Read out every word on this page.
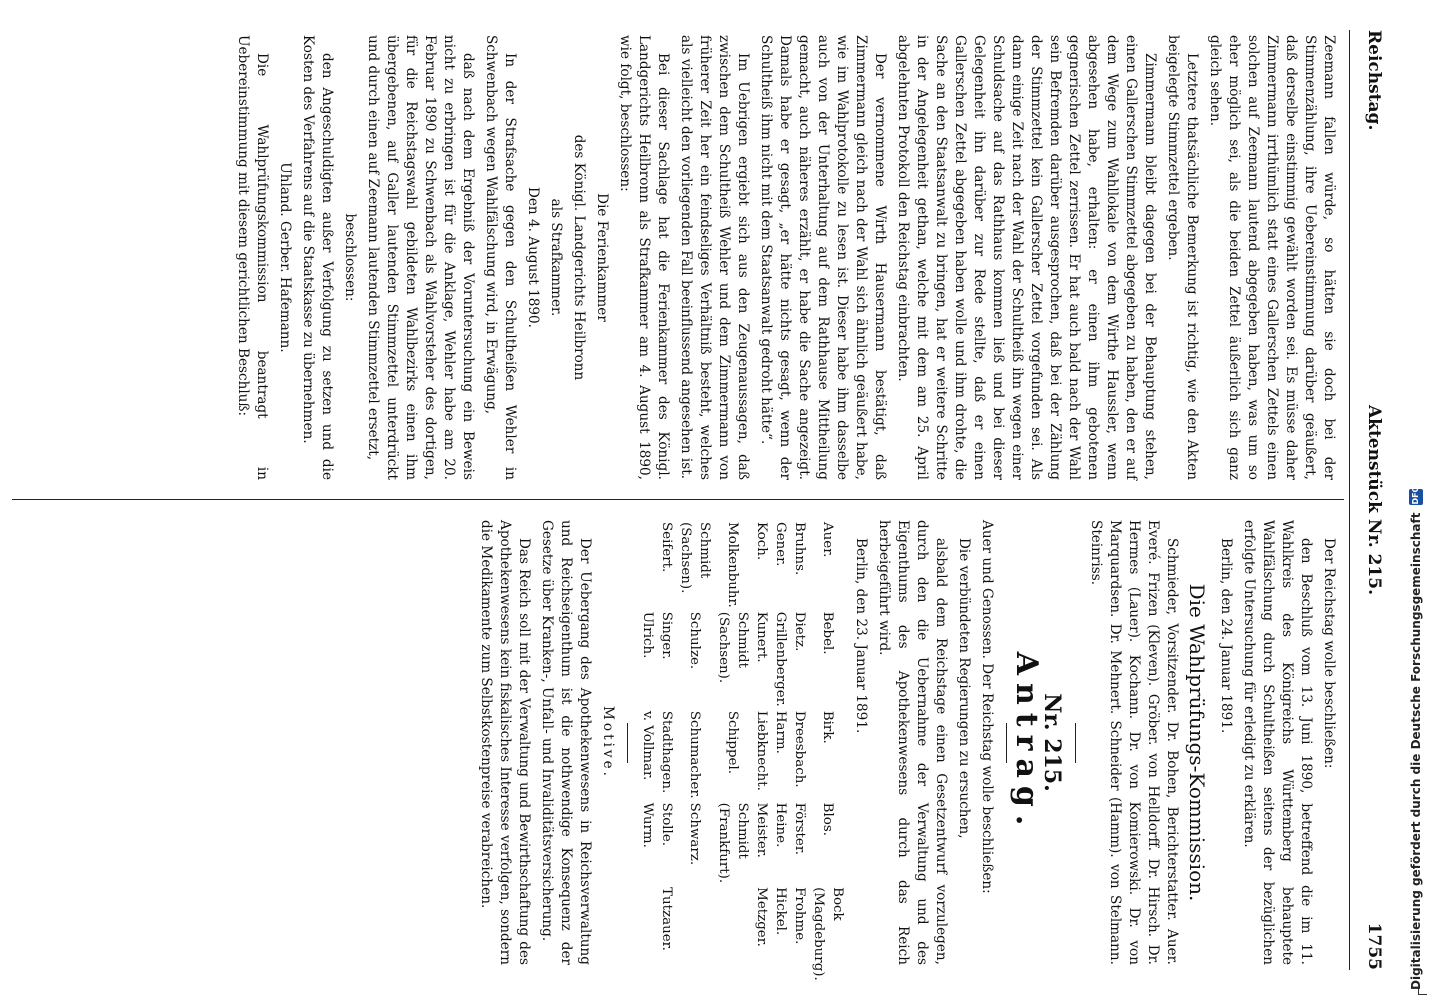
Reichstag.
Aktenstück Nr. 215.
1755

Zeemann fallen würde, so hätten sie doch bei der Stimmenzählung, ihre Uebereinstimmung darüber geäußert, daß derselbe einstimmig gewählt worden sei. Es müsse daher Zimmermann irrthümlich statt eines Gallerschen Zettels einen solchen auf Zeemann lautend abgegeben haben, was um so eher möglich sei, als die beiden Zettel äußerlich sich ganz gleich sehen.

Letztere thatsächliche Bemerkung ist richtig, wie den Akten beigelegte Stimmzettel ergeben.

Zimmermann bleibt dagegen bei der Behauptung stehen, einen Gallerschen Stimmzettel abgegeben zu haben, den er auf dem Wege zum Wahllokale von dem Wirthe Haussler, wenn abgesehen habe, erhalten: er einen ihm gebotenen gegnerischen Zettel zerrissen. Er hat auch bald nach der Wahl sein Befremden darüber ausgesprochen, daß bei der Zählung der Stimmzettel kein Gallerscher Zettel vorgefunden sei. Als dann einige Zeit nach der Wahl der Schultheiß ihn wegen einer Schuldsache auf das Rathhaus kommen ließ und bei dieser Gelegenheit ihn darüber zur Rede stellte, daß er einen Gallerschen Zettel abgegeben haben wolle und ihm drohte, die Sache an den Staatsanwalt zu bringen, hat er weitere Schritte in der Angelegenheit gethan, welche mit dem am 25. April abgelehnten Protokoll den Reichstag einbrachten.

Der vernommene Wirth Hausermann bestätigt, daß Zimmermann gleich nach der Wahl sich ähnlich geäußert habe, wie im Wahlprotokolle zu lesen ist. Dieser habe ihm dasselbe auch von der Unterhaltung auf dem Rathhause Mittheilung gemacht, auch näheres erzählt, er habe die Sache angezeigt. Damals habe er gesagt, „er hätte nichts gesagt, wenn der Schultheiß ihm nicht mit dem Staatsanwalt gedroht hätte“.

Im Uebrigen ergiebt sich aus den Zeugenaussagen, daß zwischen dem Schultheiß Wehler und dem Zimmermann von früherer Zeit her ein feindseliges Verhältniß besteht, welches als vielleicht den vorliegenden Fall beeinflussend angesehen ist.

Bei dieser Sachlage hat die Ferienkammer des Königl. Landgerichts Heilbronn als Strafkammer am 4. August 1890, wie folgt, beschlossen:

Die Ferienkammer

des Königl. Landgerichts Heilbronn

als Strafkammer.

Den 4. August 1890.

In der Strafsache gegen den Schultheißen Wehler in Schwenbach wegen Wahlfälschung wird, in Erwägung,

daß nach dem Ergebniß der Voruntersuchung ein Beweis nicht zu erbringen ist für die Anklage, Wehler habe am 20. Februar 1890 zu Schwenbach als Wahlvorsteher des dortigen, für die Reichstagswahl gebildeten Wahlbezirks einen ihm übergebenen, auf Galler lautenden Stimmzettel unterdrückt und durch einen auf Zeemann lautenden Stimmzettel ersetzt,

beschlossen:

den Angeschuldigten außer Verfolgung zu setzen und die Kosten des Verfahrens auf die Staatskasse zu übernehmen.

Uhland. Gerber. Hafemann.

Die Wahlprüfungskommission beantragt in Uebereinstimmung mit diesem gerichtlichen Beschluß:

Der Reichstag wolle beschließen:

den Beschluß vom 13. Juni 1890, betreffend die im 11. Wahlkreis des Königreichs Württemberg behauptete Wahlfälschung durch Schultheißen seitens der bezüglichen erfolgte Untersuchung für erledigt zu erklären.

Berlin, den 24. Januar 1891.

Die Wahlprüfungs-Kommission.

Schmieder, Vorsitzender. Dr. Bohen, Berichterstatter. Auer. Everé. Frizen (Kleven). Gröber. von Helldorff. Dr. Hirsch. Dr. Hermes (Lauer). Kochann. Dr. von Komierowski. Dr. von Marquardsen. Dr. Mehnert. Schneider (Hamm). von Stelmann. Steinriss.

Nr. 215.
Antrag.

Auer und Genossen. Der Reichstag wolle beschließen:

Die verbündeten Regierungen zu ersuchen,

alsbald dem Reichstage einen Gesetzentwurf vorzulegen, durch den die Uebernahme der Verwaltung und des Eigenthums des Apothekenwesens durch das Reich herbeigeführt wird.

Berlin, den 23. Januar 1891.

Auer.	Bebel.	Birk.	Blos.	Bock (Magdeburg).
Bruhns.	Dietz.	Dreesbach.	Förster.	Frohme.
Gener.	Grillenberger.	Harm.	Heine.	Hickel.
Koch.	Kunert.	Liebknecht.	Meister.	Metzger.
Molkenbuhr.	Schmidt (Sachsen).	Schippel.	Schmidt (Frankfurt).	
Schmidt (Sachsen).	Schulze.	Schumacher.	Schwarz.	
Seifert.	Singer.	Stadthagen.	Stolle.	Tutzauer.
	Ulrich.	v. Vollmar.	Wurm.	

Motive.

Der Uebergang des Apothekenwesens in Reichsverwaltung und Reichseigenthum ist die nothwendige Konsequenz der Gesetze über Kranken-, Unfall- und Invaliditätsversicherung.

Das Reich soll mit der Verwaltung und Bewirthschaftung des Apothekenwesens kein fiskalisches Interesse verfolgen, sondern die Medikamente zum Selbstkostenpreise verabreichen.	Digitalisierung gefördert durch die Deutsche Forschungsgemeinschaft
DFG
